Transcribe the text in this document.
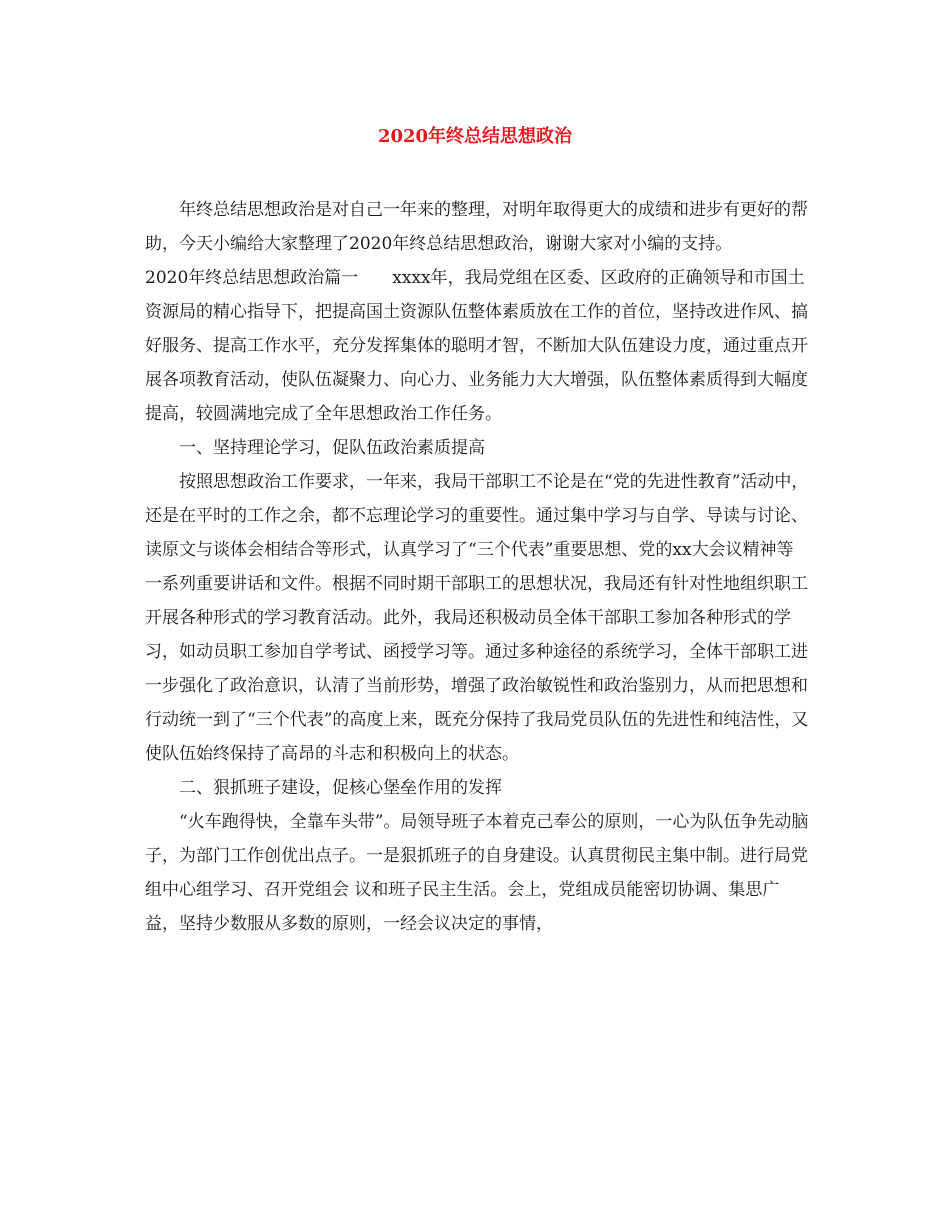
2020年终总结思想政治

年终总结思想政治是对自己一年来的整理，对明年取得更大的成绩和进步有更好的帮助，今天小编给大家整理了2020年终总结思想政治，谢谢大家对小编的支持。

2020年终总结思想政治篇一 xxxx年，我局党组在区委、区政府的正确领导和市国土资源局的精心指导下，把提高国土资源队伍整体素质放在工作的首位，坚持改进作风、搞好服务、提高工作水平，充分发挥集体的聪明才智，不断加大队伍建设力度，通过重点开展各项教育活动，使队伍凝聚力、向心力、业务能力大大增强，队伍整体素质得到大幅度提高，较圆满地完成了全年思想政治工作任务。

一、坚持理论学习，促队伍政治素质提高

按照思想政治工作要求，一年来，我局干部职工不论是在“党的先进性教育”活动中，还是在平时的工作之余，都不忘理论学习的重要性。通过集中学习与自学、导读与讨论、读原文与谈体会相结合等形式，认真学习了“三个代表”重要思想、党的xx大会议精神等一系列重要讲话和文件。根据不同时期干部职工的思想状况，我局还有针对性地组织职工开展各种形式的学习教育活动。此外，我局还积极动员全体干部职工参加各种形式的学习，如动员职工参加自学考试、函授学习等。通过多种途径的系统学习，全体干部职工进一步强化了政治意识，认清了当前形势，增强了政治敏锐性和政治鉴别力，从而把思想和行动统一到了“三个代表”的高度上来，既充分保持了我局党员队伍的先进性和纯洁性，又使队伍始终保持了高昂的斗志和积极向上的状态。

二、狠抓班子建设，促核心堡垒作用的发挥

“火车跑得快，全靠车头带”。局领导班子本着克己奉公的原则，一心为队伍争先动脑子，为部门工作创优出点子。一是狠抓班子的自身建设。认真贯彻民主集中制。进行局党组中心组学习、召开党组会 议和班子民主生活。会上，党组成员能密切协调、集思广益，坚持少数服从多数的原则，一经会议决定的事情，
